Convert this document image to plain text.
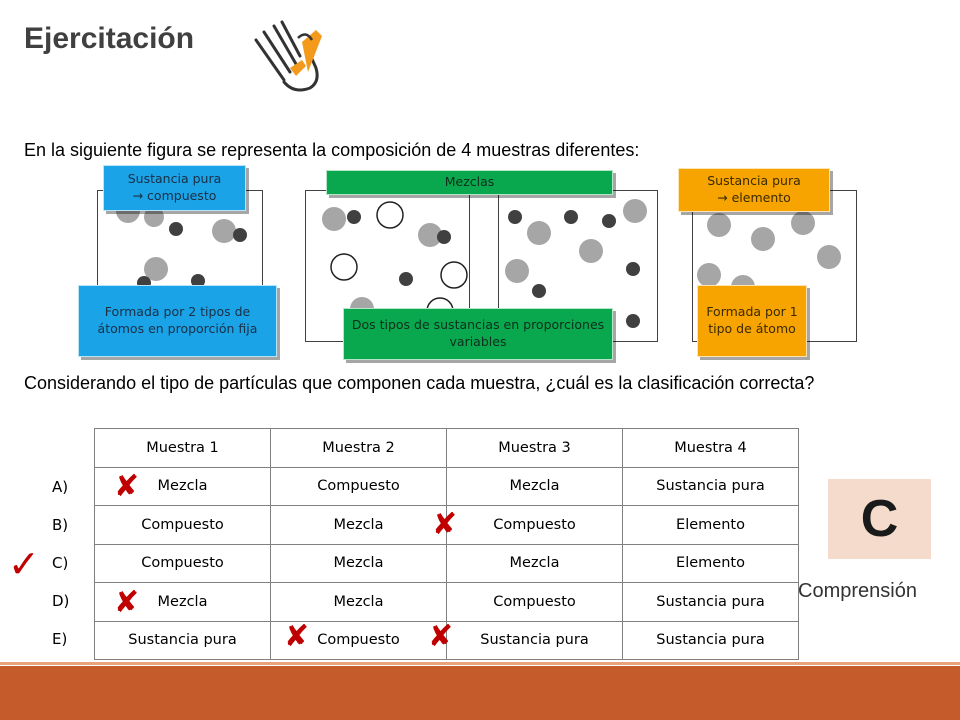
Ejercitación
En la siguiente figura se representa la composición de 4 muestras diferentes:
Sustancia pura
→ compuesto
Mezclas	Sustancia pura
→ elemento
Formada por 2 tipos de átomos en proporción fija	Dos tipos de sustancias en proporciones variables
Formada por 1 tipo de átomo
Considerando el tipo de partículas que componen cada muestra, ¿cuál es la clasificación correcta?
Muestra 1	Muestra 2	Muestra 3	Muestra 4
Mezcla	Compuesto	Mezcla	Sustancia pura
Compuesto	Mezcla	Compuesto	Elemento
Compuesto	Mezcla	Mezcla	Elemento
Mezcla	Mezcla	Compuesto	Sustancia pura
Sustancia pura	Compuesto	Sustancia pura	Sustancia pura
A)
B)
C)
D)
E)
✘
✘
✓
✘
✘	✘
C
Comprensión
